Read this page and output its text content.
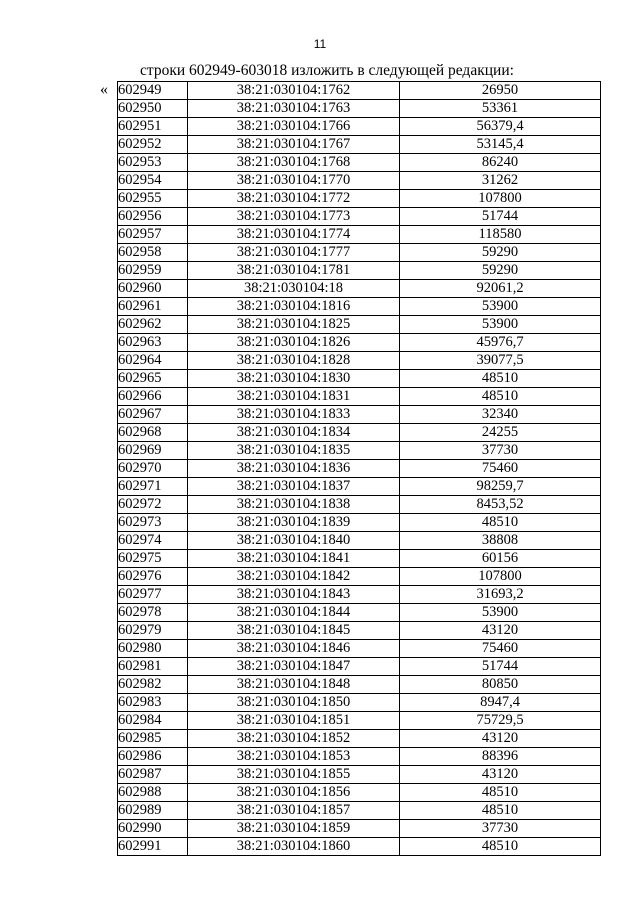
11
строки 602949-603018 изложить в следующей редакции:
« 602949	38:21:030104:1762	26950
602950	38:21:030104:1763	53361
602951	38:21:030104:1766	56379,4
602952	38:21:030104:1767	53145,4
602953	38:21:030104:1768	86240
602954	38:21:030104:1770	31262
602955	38:21:030104:1772	107800
602956	38:21:030104:1773	51744
602957	38:21:030104:1774	118580
602958	38:21:030104:1777	59290
602959	38:21:030104:1781	59290
602960	38:21:030104:18	92061,2
602961	38:21:030104:1816	53900
602962	38:21:030104:1825	53900
602963	38:21:030104:1826	45976,7
602964	38:21:030104:1828	39077,5
602965	38:21:030104:1830	48510
602966	38:21:030104:1831	48510
602967	38:21:030104:1833	32340
602968	38:21:030104:1834	24255
602969	38:21:030104:1835	37730
602970	38:21:030104:1836	75460
602971	38:21:030104:1837	98259,7
602972	38:21:030104:1838	8453,52
602973	38:21:030104:1839	48510
602974	38:21:030104:1840	38808
602975	38:21:030104:1841	60156
602976	38:21:030104:1842	107800
602977	38:21:030104:1843	31693,2
602978	38:21:030104:1844	53900
602979	38:21:030104:1845	43120
602980	38:21:030104:1846	75460
602981	38:21:030104:1847	51744
602982	38:21:030104:1848	80850
602983	38:21:030104:1850	8947,4
602984	38:21:030104:1851	75729,5
602985	38:21:030104:1852	43120
602986	38:21:030104:1853	88396
602987	38:21:030104:1855	43120
602988	38:21:030104:1856	48510
602989	38:21:030104:1857	48510
602990	38:21:030104:1859	37730
602991	38:21:030104:1860	48510
